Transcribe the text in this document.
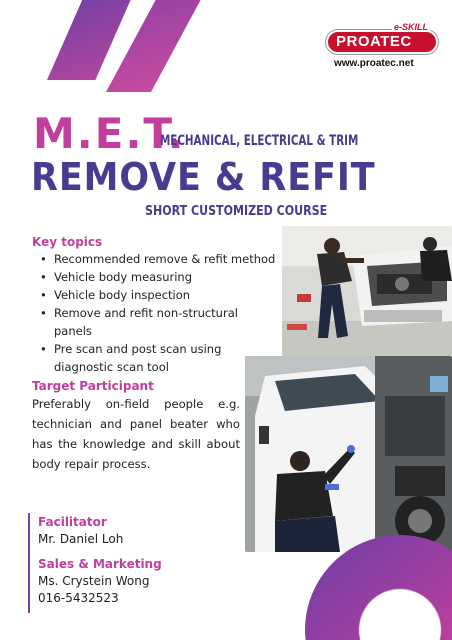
PROATEC
e-SKILL
www.proatec.net
M.E.T.
MECHANICAL, ELECTRICAL & TRIM
REMOVE & REFIT
SHORT CUSTOMIZED COURSE
Key topics
• Recommended remove & refit method
• Vehicle body measuring
• Vehicle body inspection
• Remove and refit non-structural panels
• Pre scan and post scan using diagnostic scan tool
Target Participant
Preferably on-field people e.g. technician and panel beater who has the knowledge and skill about body repair process.
Facilitator
Mr. Daniel Loh
Sales & Marketing
Ms. Crystein Wong
016-5432523
